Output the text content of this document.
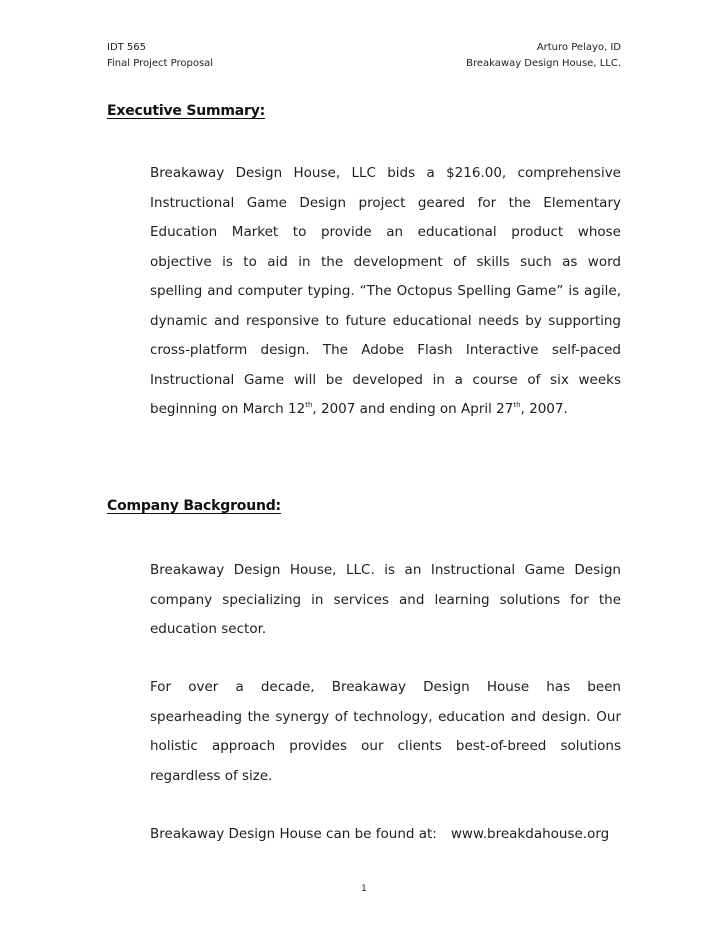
IDT 565
Final Project Proposal
Arturo Pelayo, ID
Breakaway Design House, LLC.
Executive Summary:
Breakaway Design House, LLC bids a $216.00, comprehensive
Instructional Game Design project geared for the Elementary
Education Market to provide an educational product whose
objective is to aid in the development of skills such as word
spelling and computer typing. “The Octopus Spelling Game” is agile,
dynamic and responsive to future educational needs by supporting
cross-platform design. The Adobe Flash Interactive self-paced
Instructional Game will be developed in a course of six weeks
beginning on March 12th, 2007 and ending on April 27th, 2007.
Company Background:
Breakaway Design House, LLC. is an Instructional Game Design
company specializing in services and learning solutions for the
education sector.
For over a decade, Breakaway Design House has been
spearheading the synergy of technology, education and design. Our
holistic approach provides our clients best-of-breed solutions
regardless of size.
Breakaway Design House can be found at: www.breakdahouse.org
1
